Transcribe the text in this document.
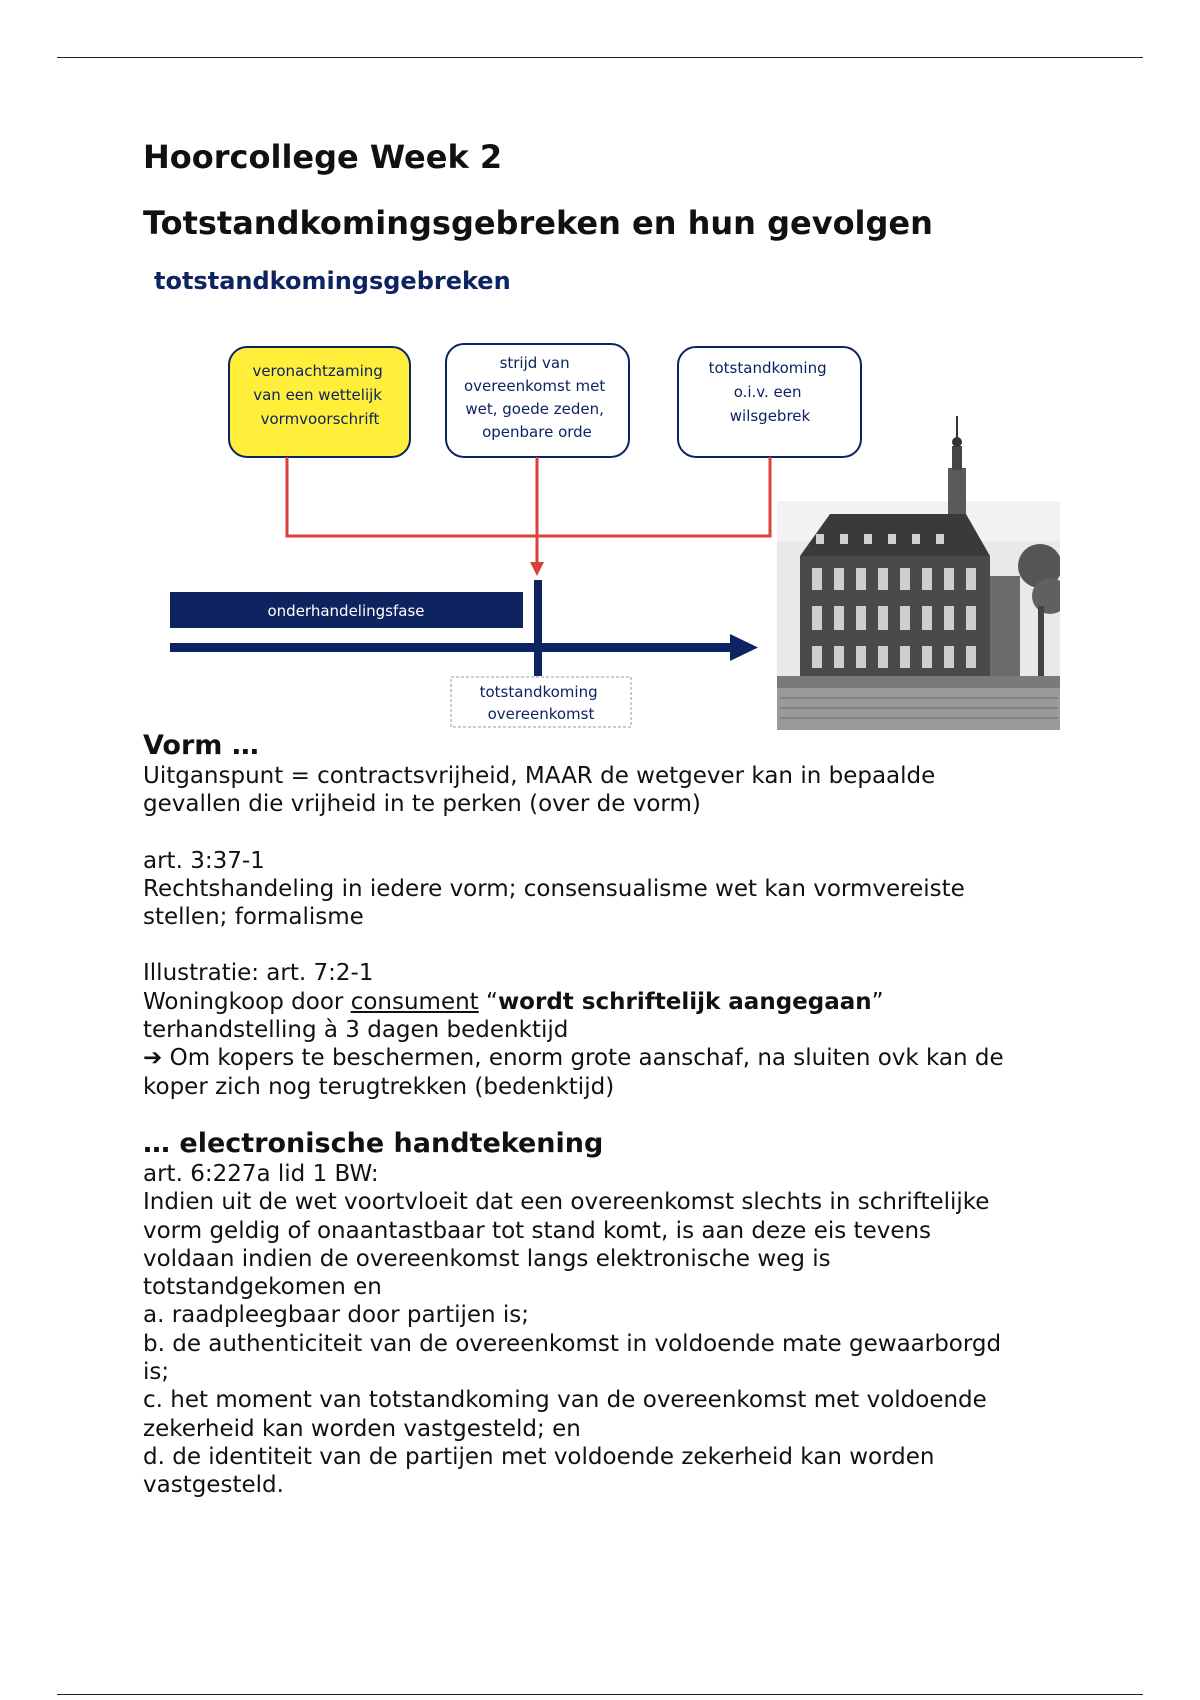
Hoorcollege Week 2
Totstandkomingsgebreken en hun gevolgen
totstandkomingsgebreken
veronachtzaming van een wettelijk vormvoorschrift
strijd van overeenkomst met wet, goede zeden, openbare orde
totstandkoming o.i.v. een wilsgebrek
onderhandelingsfase
totstandkoming overeenkomst
Vorm …

Uitganspunt = contractsvrijheid, MAAR de wetgever kan in bepaalde

gevallen die vrijheid in te perken (over de vorm)

art. 3:37-1

Rechtshandeling in iedere vorm; consensualisme wet kan vormvereiste

stellen; formalisme

Illustratie: art. 7:2-1

Woningkoop door consument “wordt schriftelijk aangegaan”

terhandstelling à 3 dagen bedenktijd

➔ Om kopers te beschermen, enorm grote aanschaf, na sluiten ovk kan de

koper zich nog terugtrekken (bedenktijd)

… electronische handtekening

art. 6:227a lid 1 BW:

Indien uit de wet voortvloeit dat een overeenkomst slechts in schriftelijke

vorm geldig of onaantastbaar tot stand komt, is aan deze eis tevens

voldaan indien de overeenkomst langs elektronische weg is

totstandgekomen en

a. raadpleegbaar door partijen is;

b. de authenticiteit van de overeenkomst in voldoende mate gewaarborgd

is;

c. het moment van totstandkoming van de overeenkomst met voldoende

zekerheid kan worden vastgesteld; en

d. de identiteit van de partijen met voldoende zekerheid kan worden

vastgesteld.
